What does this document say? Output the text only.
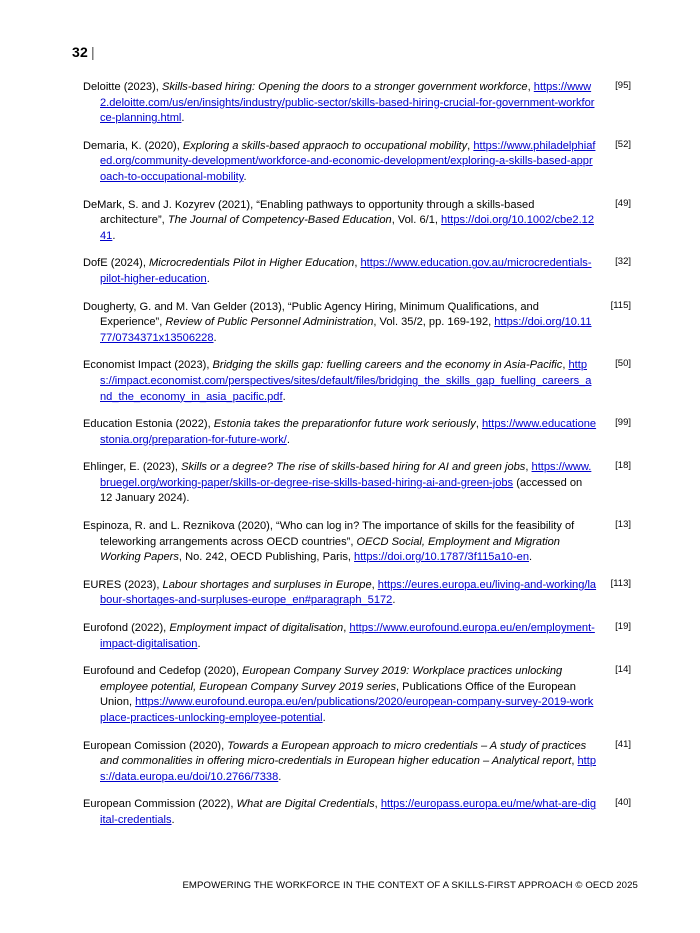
32 |
Deloitte (2023), Skills-based hiring: Opening the doors to a stronger government workforce, https://www2.deloitte.com/us/en/insights/industry/public-sector/skills-based-hiring-crucial-for-government-workforce-planning.html.
[95]
Demaria, K. (2020), Exploring a skills-based appraoch to occupational mobility, https://www.philadelphiafed.org/community-development/workforce-and-economic-development/exploring-a-skills-based-approach-to-occupational-mobility.
[52]
DeMark, S. and J. Kozyrev (2021), “Enabling pathways to opportunity through a skills-based architecture”, The Journal of Competency-Based Education, Vol. 6/1, https://doi.org/10.1002/cbe2.1241.
[49]
DofE (2024), Microcredentials Pilot in Higher Education, https://www.education.gov.au/microcredentials-pilot-higher-education.
[32]
Dougherty, G. and M. Van Gelder (2013), “Public Agency Hiring, Minimum Qualifications, and Experience”, Review of Public Personnel Administration, Vol. 35/2, pp. 169-192, https://doi.org/10.1177/0734371x13506228.
[115]
Economist Impact (2023), Bridging the skills gap: fuelling careers and the economy in Asia-Pacific, https://impact.economist.com/perspectives/sites/default/files/bridging_the_skills_gap_fuelling_careers_and_the_economy_in_asia_pacific.pdf.
[50]
Education Estonia (2022), Estonia takes the preparationfor future work seriously, https://www.educationestonia.org/preparation-for-future-work/.
[99]
Ehlinger, E. (2023), Skills or a degree? The rise of skills-based hiring for AI and green jobs, https://www.bruegel.org/working-paper/skills-or-degree-rise-skills-based-hiring-ai-and-green-jobs (accessed on 12 January 2024).
[18]
Espinoza, R. and L. Reznikova (2020), “Who can log in? The importance of skills for the feasibility of teleworking arrangements across OECD countries”, OECD Social, Employment and Migration Working Papers, No. 242, OECD Publishing, Paris, https://doi.org/10.1787/3f115a10-en.
[13]
EURES (2023), Labour shortages and surpluses in Europe, https://eures.europa.eu/living-and-working/labour-shortages-and-surpluses-europe_en#paragraph_5172.
[113]
Eurofond (2022), Employment impact of digitalisation, https://www.eurofound.europa.eu/en/employment-impact-digitalisation.
[19]
Eurofound and Cedefop (2020), European Company Survey 2019: Workplace practices unlocking employee potential, European Company Survey 2019 series, Publications Office of the European Union, https://www.eurofound.europa.eu/en/publications/2020/european-company-survey-2019-workplace-practices-unlocking-employee-potential.
[14]
European Comission (2020), Towards a European approach to micro credentials – A study of practices and commonalities in offering micro-credentials in European higher education – Analytical report, https://data.europa.eu/doi/10.2766/7338.
[41]
European Commission (2022), What are Digital Credentials, https://europass.europa.eu/me/what-are-digital-credentials.
[40]
EMPOWERING THE WORKFORCE IN THE CONTEXT OF A SKILLS-FIRST APPROACH © OECD 2025
